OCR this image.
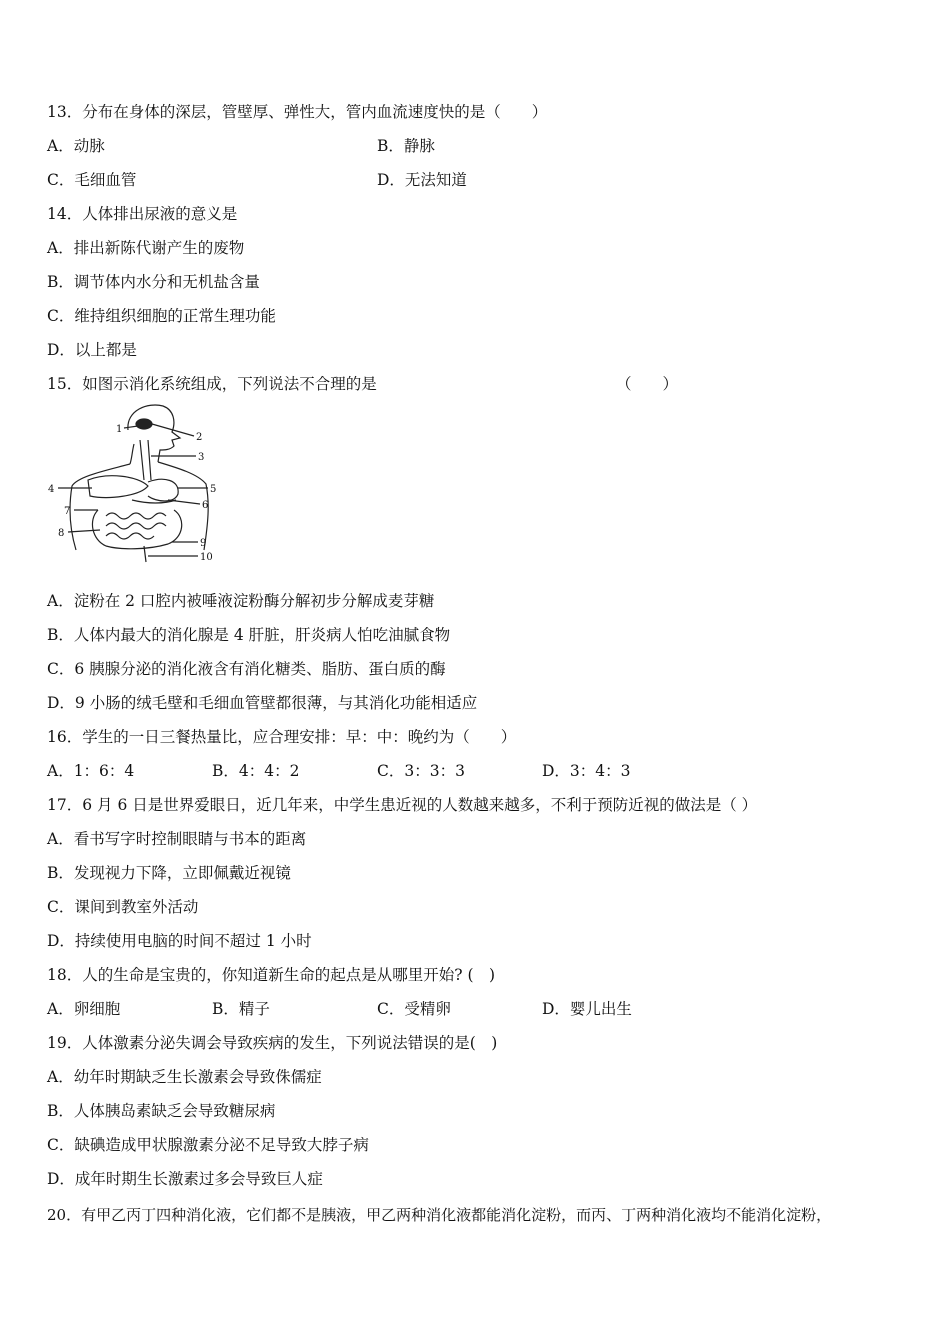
13．分布在身体的深层，管壁厚、弹性大，管内血流速度快的是（　　）
A．动脉	B．静脉
C．毛细血管	D．无法知道
14．人体排出尿液的意义是
A．排出新陈代谢产生的废物
B．调节体内水分和无机盐含量
C．维持组织细胞的正常生理功能
D．以上都是
15．如图示消化系统组成，下列说法不合理的是	（　　）
1
2
3
4	5
6
7
8
9
10
A．淀粉在 2 口腔内被唾液淀粉酶分解初步分解成麦芽糖
B．人体内最大的消化腺是 4 肝脏，肝炎病人怕吃油腻食物
C．6 胰腺分泌的消化液含有消化糖类、脂肪、蛋白质的酶
D．9 小肠的绒毛壁和毛细血管壁都很薄，与其消化功能相适应
16．学生的一日三餐热量比，应合理安排：早：中：晚约为（　　）
A．1：6：4	B．4：4：2	C．3：3：3	D．3：4：3
17．6 月 6 日是世界爱眼日，近几年来，中学生患近视的人数越来越多，不利于预防近视的做法是（ ）
A．看书写字时控制眼睛与书本的距离
B．发现视力下降，立即佩戴近视镜
C．课间到教室外活动
D．持续使用电脑的时间不超过 1 小时
18．人的生命是宝贵的，你知道新生命的起点是从哪里开始? (　)
A．卵细胞	B．精子	C．受精卵	D．婴儿出生
19．人体激素分泌失调会导致疾病的发生，下列说法错误的是(　)
A．幼年时期缺乏生长激素会导致侏儒症
B．人体胰岛素缺乏会导致糖尿病
C．缺碘造成甲状腺激素分泌不足导致大脖子病
D．成年时期生长激素过多会导致巨人症
20．有甲乙丙丁四种消化液，它们都不是胰液，甲乙两种消化液都能消化淀粉，而丙、丁两种消化液均不能消化淀粉，
